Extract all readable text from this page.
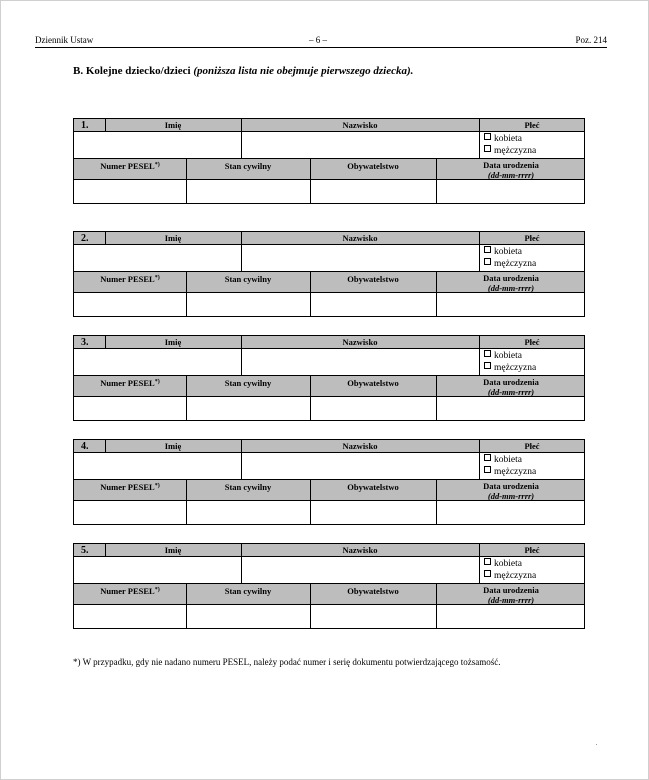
Dziennik Ustaw	– 6 –	Poz. 214
B. Kolejne dziecko/dzieci (poniższa lista nie obejmuje pierwszego dziecka).
1.	Imię	Nazwisko	Płeć
kobieta
mężczyzna
Numer PESEL*)	Stan cywilny	Obywatelstwo	Data urodzenia
(dd-mm-rrrr)
2.	Imię	Nazwisko	Płeć
kobieta
mężczyzna
Numer PESEL*)	Stan cywilny	Obywatelstwo	Data urodzenia
(dd-mm-rrrr)
3.	Imię	Nazwisko	Płeć
kobieta
mężczyzna
Numer PESEL*)	Stan cywilny	Obywatelstwo	Data urodzenia
(dd-mm-rrrr)
4.	Imię	Nazwisko	Płeć
kobieta
mężczyzna
Numer PESEL*)	Stan cywilny	Obywatelstwo	Data urodzenia
(dd-mm-rrrr)
5.	Imię	Nazwisko	Płeć
kobieta
mężczyzna
Numer PESEL*)	Stan cywilny	Obywatelstwo	Data urodzenia
(dd-mm-rrrr)
*) W przypadku, gdy nie nadano numeru PESEL, należy podać numer i serię dokumentu potwierdzającego tożsamość.
